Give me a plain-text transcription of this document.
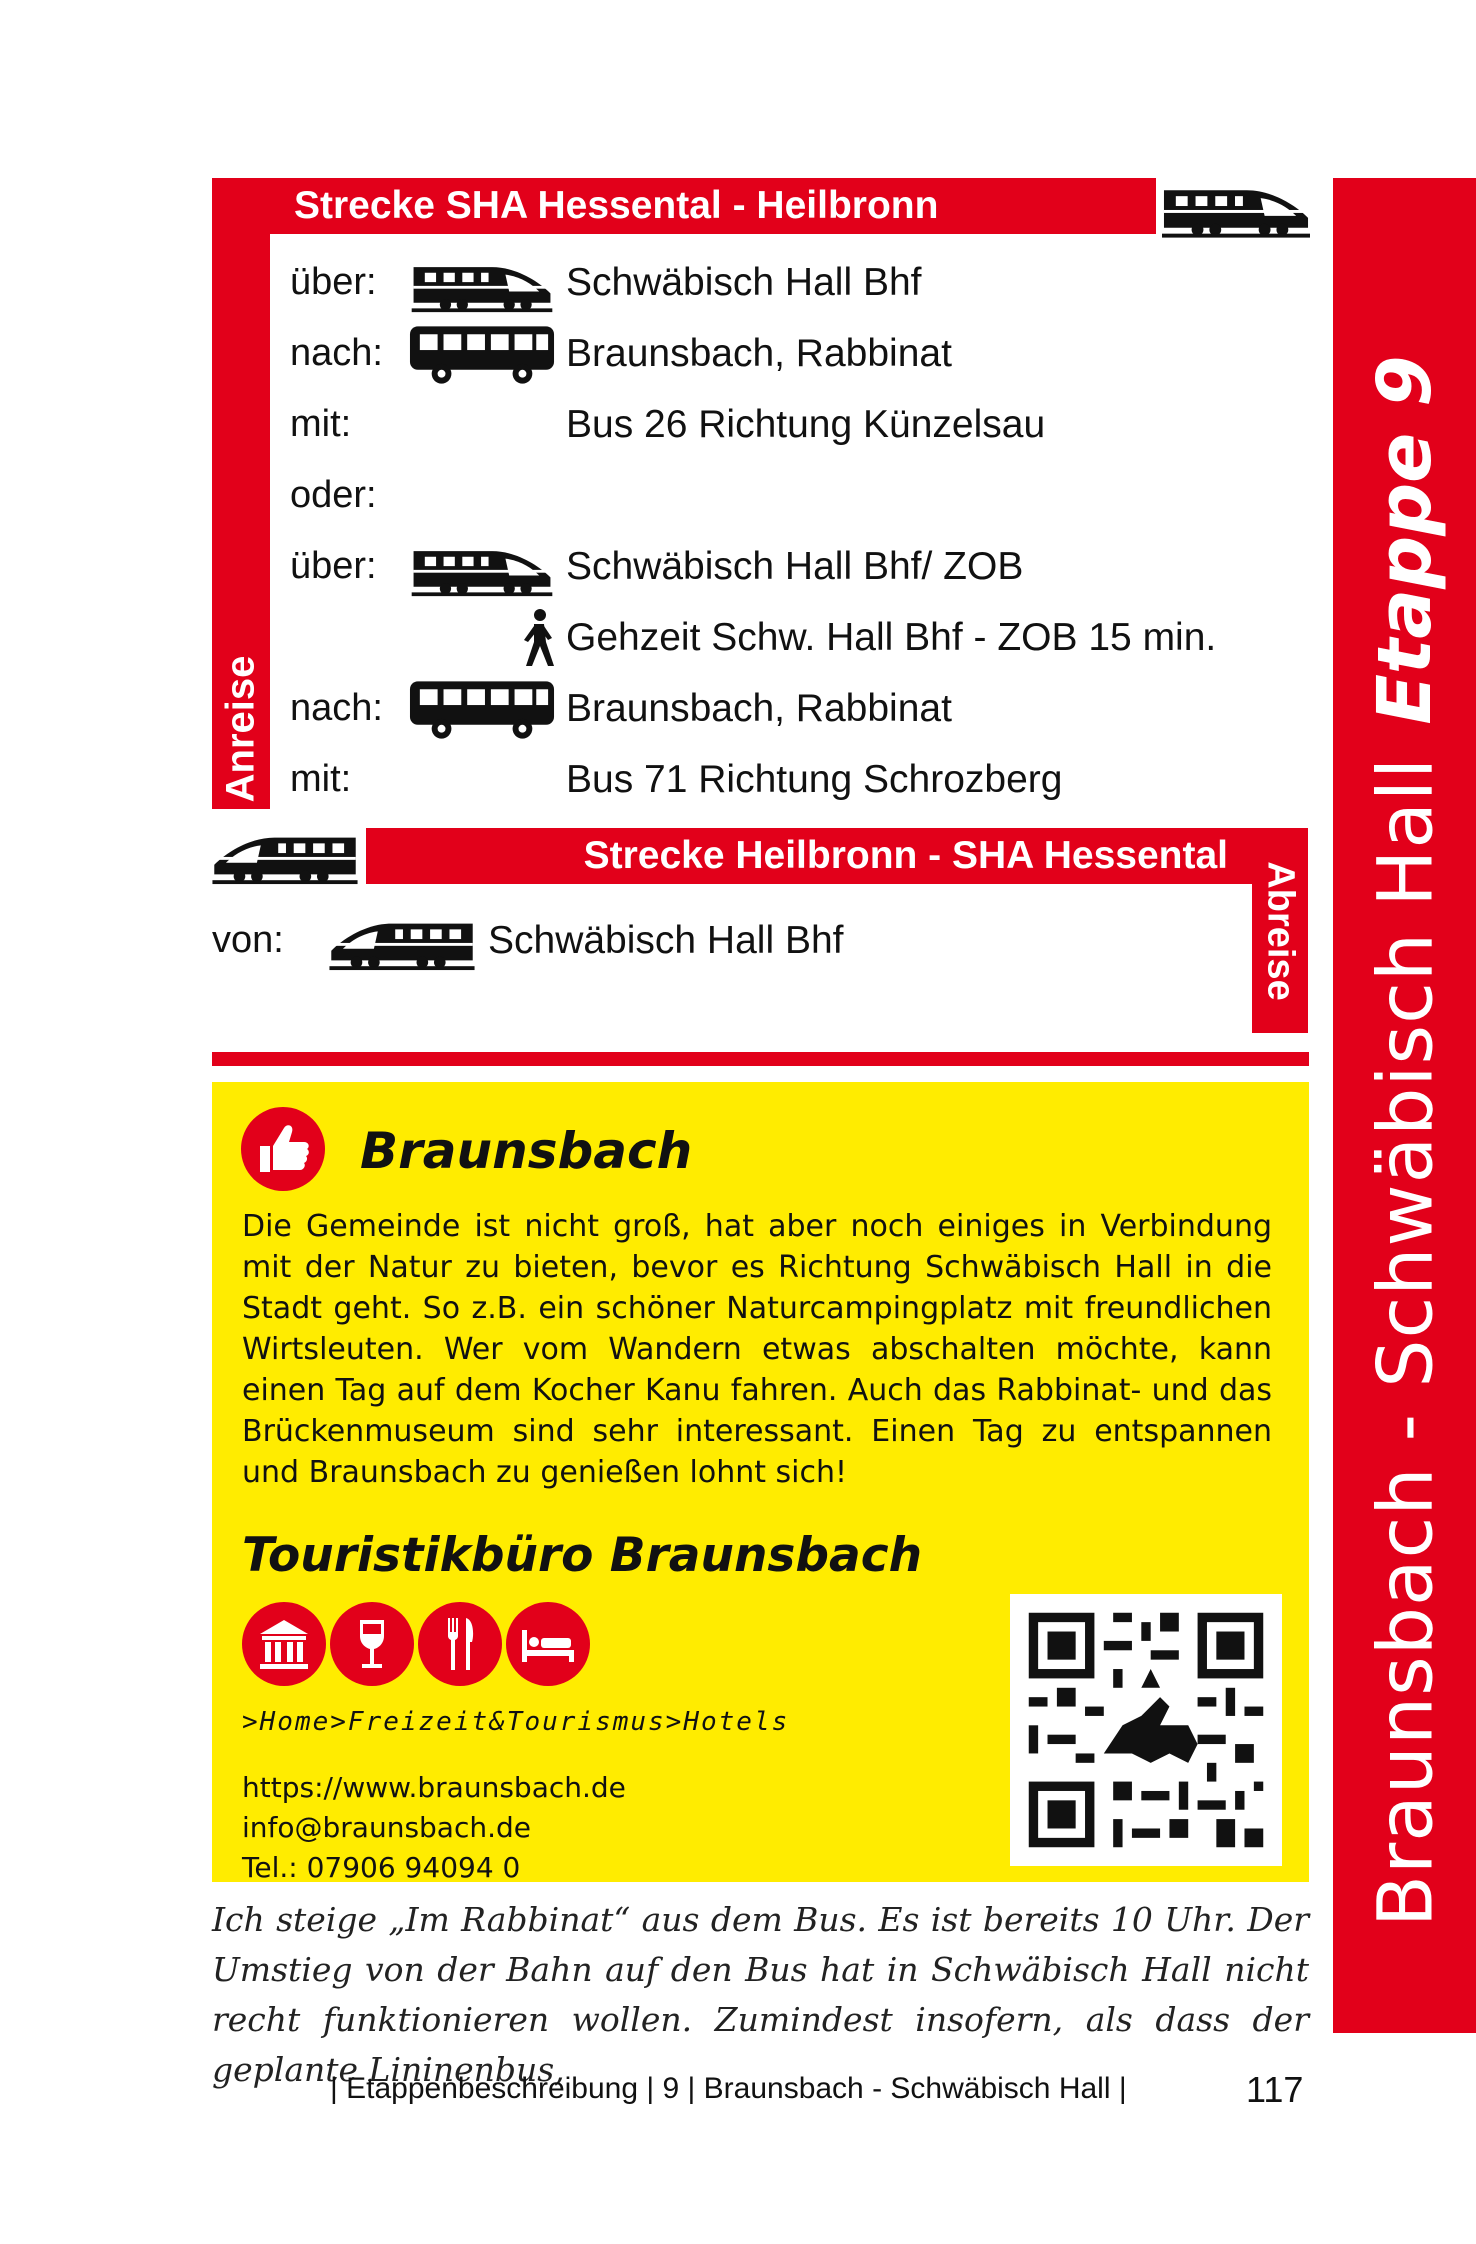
Etappe 9
Braunsbach - Schwäbisch Hall
Anreise
Strecke SHA Hessental - Heilbronn
über:	Schwäbisch Hall Bhf
nach:	Braunsbach, Rabbinat
mit:	Bus 26 Richtung Künzelsau
oder:
über:	Schwäbisch Hall Bhf/ ZOB
Gehzeit Schw. Hall Bhf - ZOB 15 min.
nach:	Braunsbach, Rabbinat
mit:	Bus 71 Richtung Schrozberg
Strecke Heilbronn - SHA Hessental
Abreise
von:	Schwäbisch Hall Bhf
Braunsbach
Die Gemeinde ist nicht groß, hat aber noch einiges in Verbindung mit der Natur zu bieten, bevor es Richtung Schwäbisch Hall in die Stadt geht. So z.B. ein schöner Naturcampingplatz mit freundlichen Wirtsleuten. Wer vom Wandern etwas abschalten möchte, kann einen Tag auf dem Kocher Kanu fahren. Auch das Rabbinat- und das Brückenmuseum sind sehr interessant. Einen Tag zu entspannen und Braunsbach zu genießen lohnt sich!
Touristikbüro Braunsbach
>Home>Freizeit&Tourismus>Hotels
https://www.braunsbach.de
info@braunsbach.de
Tel.: 07906 94094 0
Ich steige „Im Rabbinat“ aus dem Bus. Es ist bereits 10 Uhr. Der Umstieg von der Bahn auf den Bus hat in Schwäbisch Hall nicht recht funktionieren wollen. Zumindest insofern, als dass der geplante Lininenbus,
| Etappenbeschreibung | 9 | Braunsbach - Schwäbisch Hall |	117
